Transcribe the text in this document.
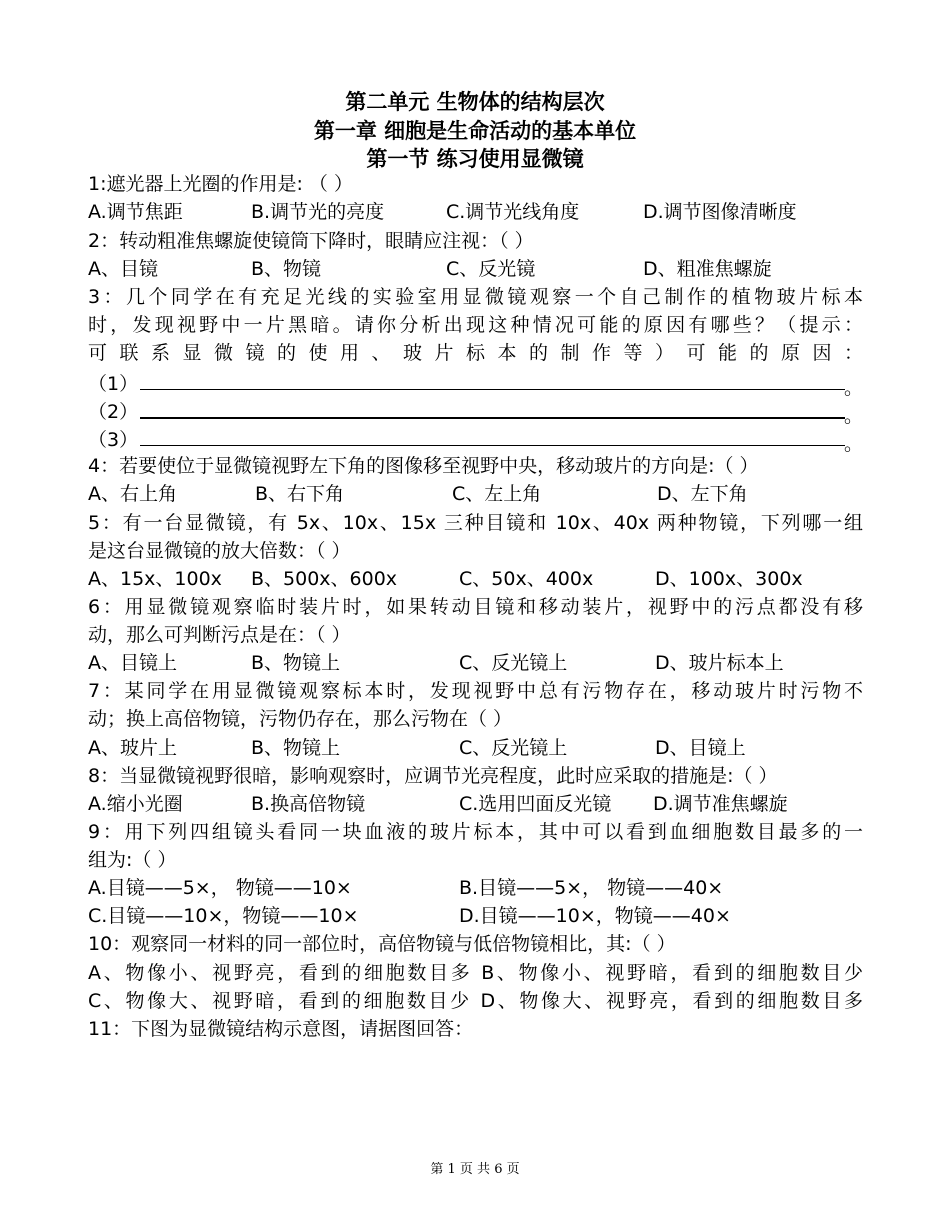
第二单元 生物体的结构层次
第一章 细胞是生命活动的基本单位
第一节 练习使用显微镜
1:遮光器上光圈的作用是: （ ）
A.调节焦距	B.调节光的亮度	C.调节光线角度	D.调节图像清晰度
2：转动粗准焦螺旋使镜筒下降时，眼睛应注视：（ ）
A、目镜	B、物镜	C、反光镜	D、粗准焦螺旋
3：几个同学在有充足光线的实验室用显微镜观察一个自己制作的植物玻片标本
时，发现视野中一片黑暗。请你分析出现这种情况可能的原因有哪些？（提示：
可 联 系 显 微 镜 的 使 用 、 玻 片 标 本 的 制 作 等 ） 可 能 的 原 因 ：
（1）	。
（2）	。
（3）	。
4：若要使位于显微镜视野左下角的图像移至视野中央，移动玻片的方向是:（ ）
A、右上角	B、右下角	C、左上角	D、左下角
5：有一台显微镜，有 5x、10x、15x 三种目镜和 10x、40x 两种物镜，下列哪一组
是这台显微镜的放大倍数：（ ）
A、15x、100x B、500x、600x	C、50x、400x	D、100x、300x
6：用显微镜观察临时装片时，如果转动目镜和移动装片，视野中的污点都没有移
动，那么可判断污点是在：（ ）
A、目镜上	B、物镜上	C、反光镜上	D、玻片标本上
7：某同学在用显微镜观察标本时，发现视野中总有污物存在，移动玻片时污物不
动；换上高倍物镜，污物仍存在，那么污物在（ ）
A、玻片上	B、物镜上	C、反光镜上	D、目镜上
8：当显微镜视野很暗，影响观察时，应调节光亮程度，此时应采取的措施是:（ ）
A.缩小光圈	B.换高倍物镜	C.选用凹面反光镜 D.调节准焦螺旋
9：用下列四组镜头看同一块血液的玻片标本，其中可以看到血细胞数目最多的一
组为:（ ）
A.目镜——5×， 物镜——10×	B.目镜——5×， 物镜——40×
C.目镜——10×，物镜——10×	D.目镜——10×，物镜——40×
10：观察同一材料的同一部位时，高倍物镜与低倍物镜相比，其:（ ）
A、物像小、视野亮，看到的细胞数目多 B、物像小、视野暗，看到的细胞数目少
C、物像大、视野暗，看到的细胞数目少 D、物像大、视野亮，看到的细胞数目多
11：下图为显微镜结构示意图，请据图回答：
第 1 页 共 6 页
